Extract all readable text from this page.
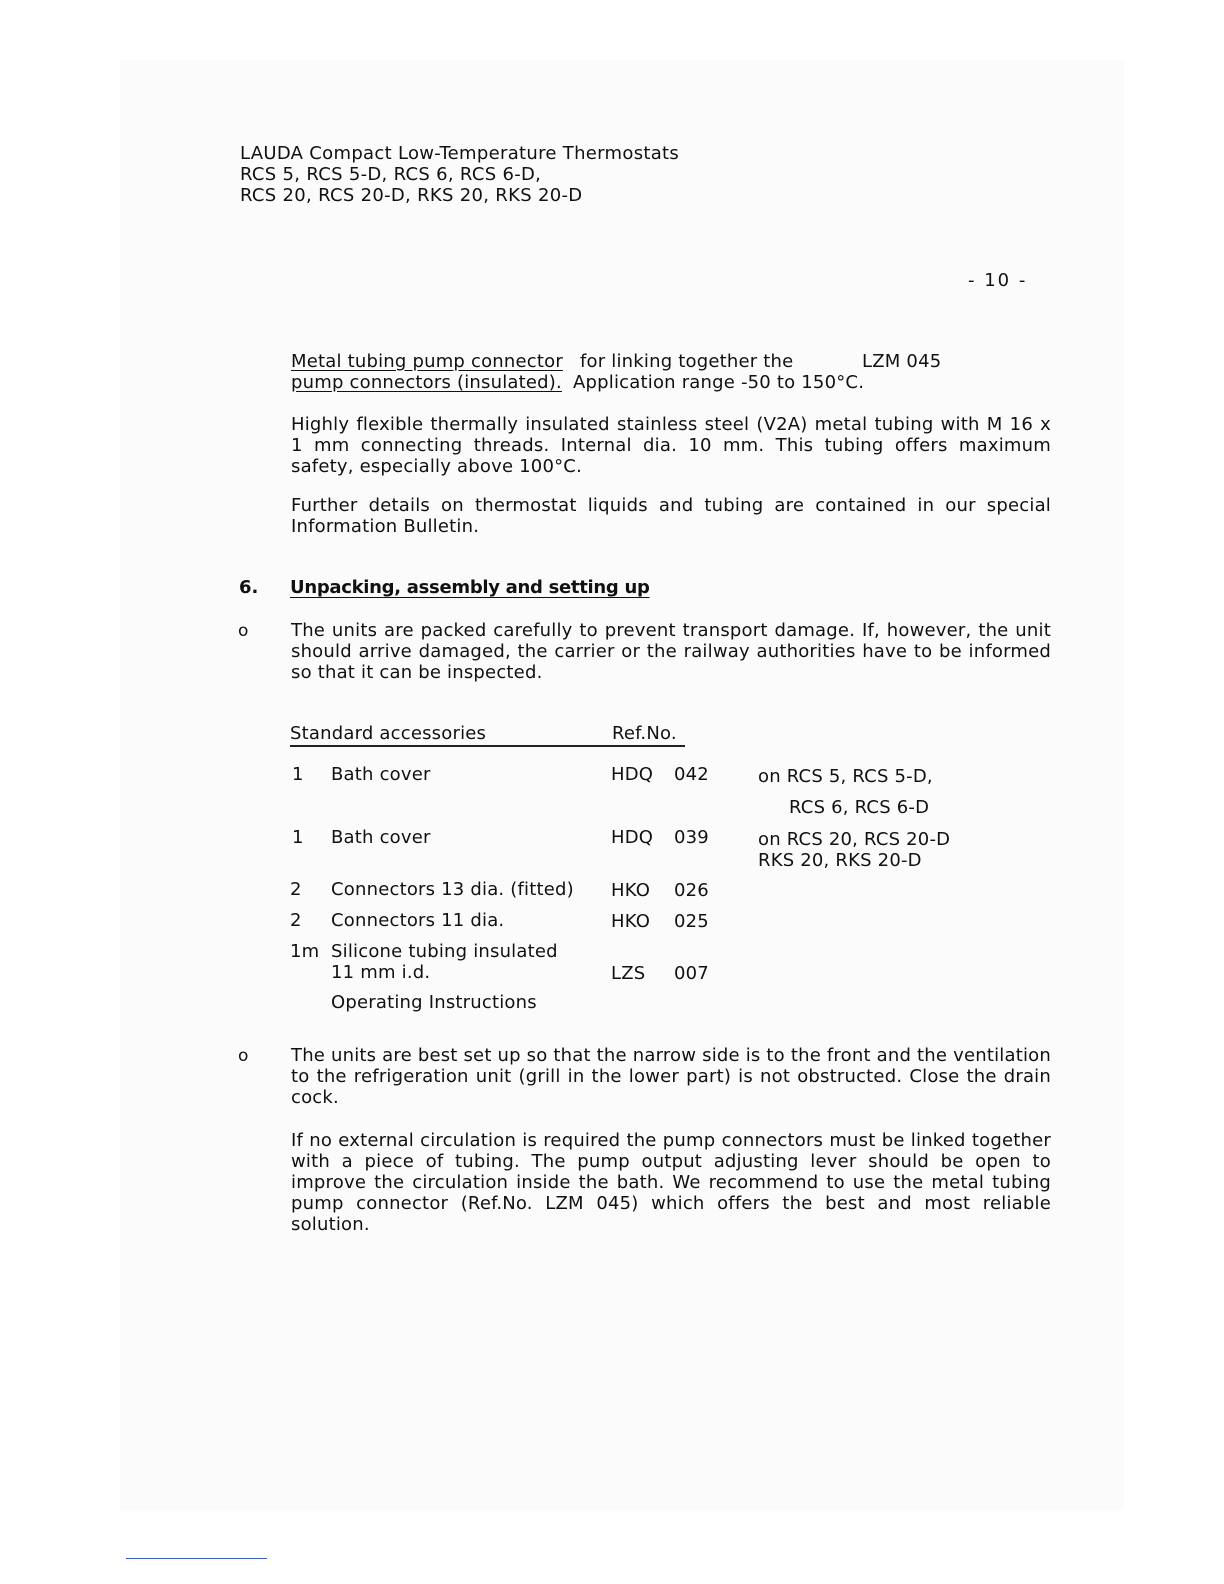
LAUDA Compact Low-Temperature Thermostats
RCS 5, RCS 5-D, RCS 6, RCS 6-D,
RCS 20, RCS 20-D, RKS 20, RKS 20-D
- 10 -
Metal tubing pump connector for linking together the	LZM 045
pump connectors (insulated). Application range -50 to 150°C.
Highly flexible thermally insulated stainless steel (V2A) metal tubing with M 16 x 1 mm connecting threads. Internal dia. 10 mm. This tubing offers maximum safety, especially above 100°C.
Further details on thermostat liquids and tubing are contained in our special Information Bulletin.
6. Unpacking, assembly and setting up
o The units are packed carefully to prevent transport damage. If, however, the unit should arrive damaged, the carrier or the railway authorities have to be informed so that it can be inspected.
Standard accessories	Ref.No.
1 Bath cover	HDQ 042	on RCS 5, RCS 5-D,
RCS 6, RCS 6-D
1 Bath cover	HDQ 039	on RCS 20, RCS 20-D
RKS 20, RKS 20-D
2 Connectors 13 dia. (fitted) HKO 026
2 Connectors 11 dia.	HKO 025
1m Silicone tubing insulated
11 mm i.d.	LZS 007
Operating Instructions
o The units are best set up so that the narrow side is to the front and the ventilation to the refrigeration unit (grill in the lower part) is not obstructed. Close the drain cock.
If no external circulation is required the pump connectors must be linked together with a piece of tubing. The pump output adjusting lever should be open to improve the circulation inside the bath. We recommend to use the metal tubing pump connector (Ref.No. LZM 045) which offers the best and most reliable solution.
